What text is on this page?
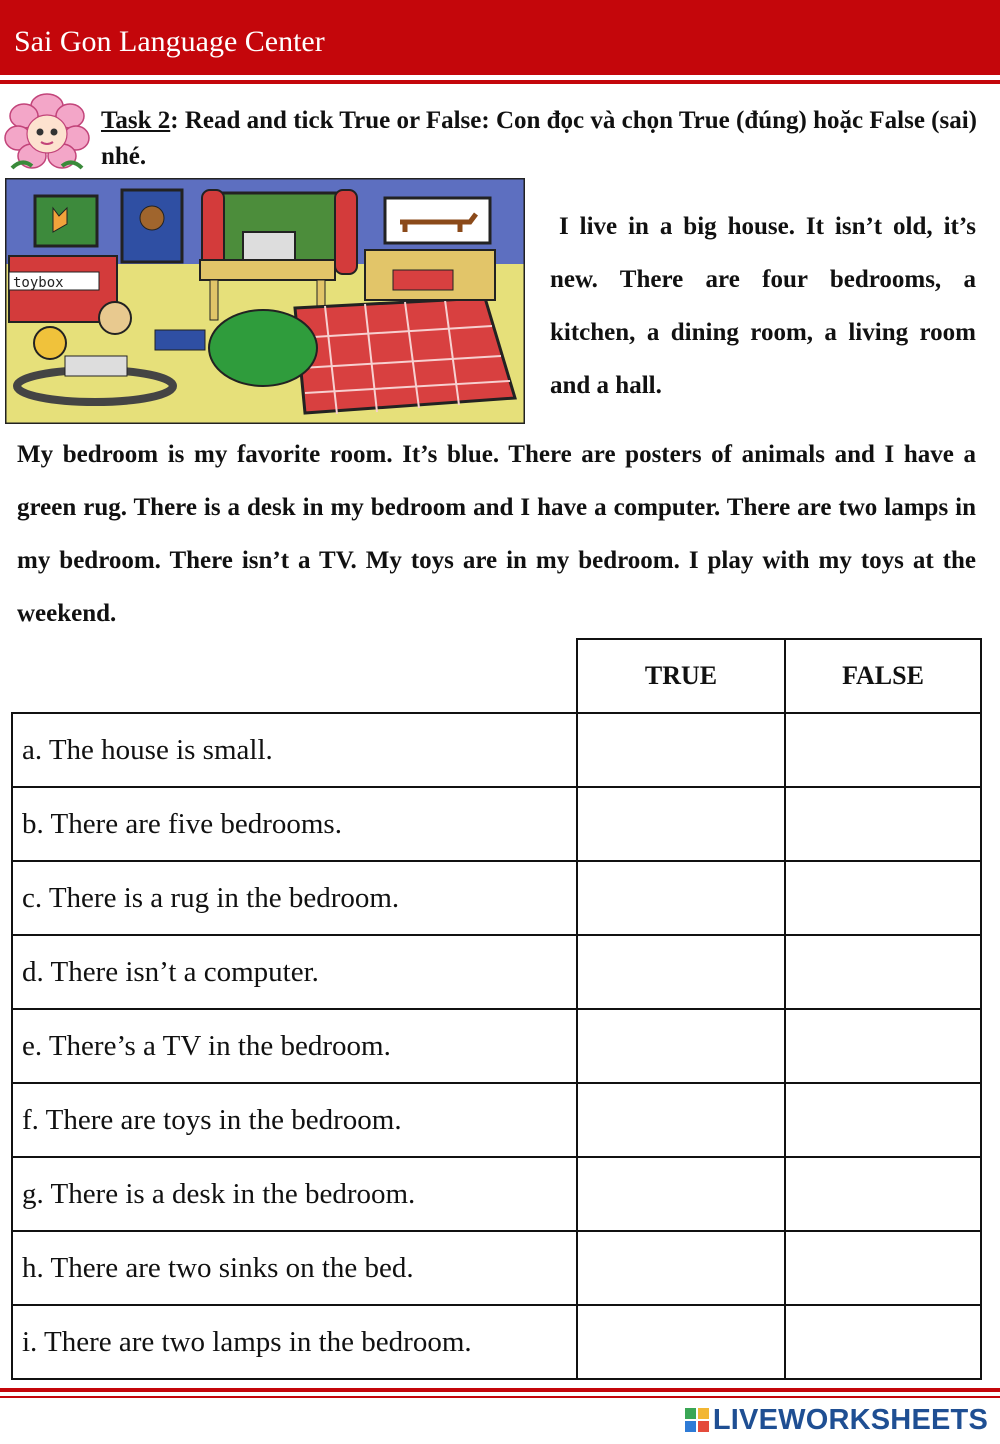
Sai Gon Language Center
Task 2: Read and tick True or False: Con đọc và chọn True (đúng) hoặc False (sai) nhé.
toybox
I live in a big house. It isn’t old, it’s new. There are four bedrooms, a kitchen, a dining room, a living room and a hall.
My bedroom is my favorite room. It’s blue. There are posters of animals and I have a green rug. There is a desk in my bedroom and I have a computer. There are two lamps in my bedroom. There isn’t a TV. My toys are in my bedroom. I play with my toys at the weekend.
	TRUE	FALSE
a. The house is small.		
b. There are five bedrooms.		
c. There is a rug in the bedroom.		
d. There isn’t a computer.		
e. There’s a TV in the bedroom.		
f. There are toys in the bedroom.		
g. There is a desk in the bedroom.		
h. There are two sinks on the bed.		
i. There are two lamps in the bedroom.		
LIVEWORKSHEETS
